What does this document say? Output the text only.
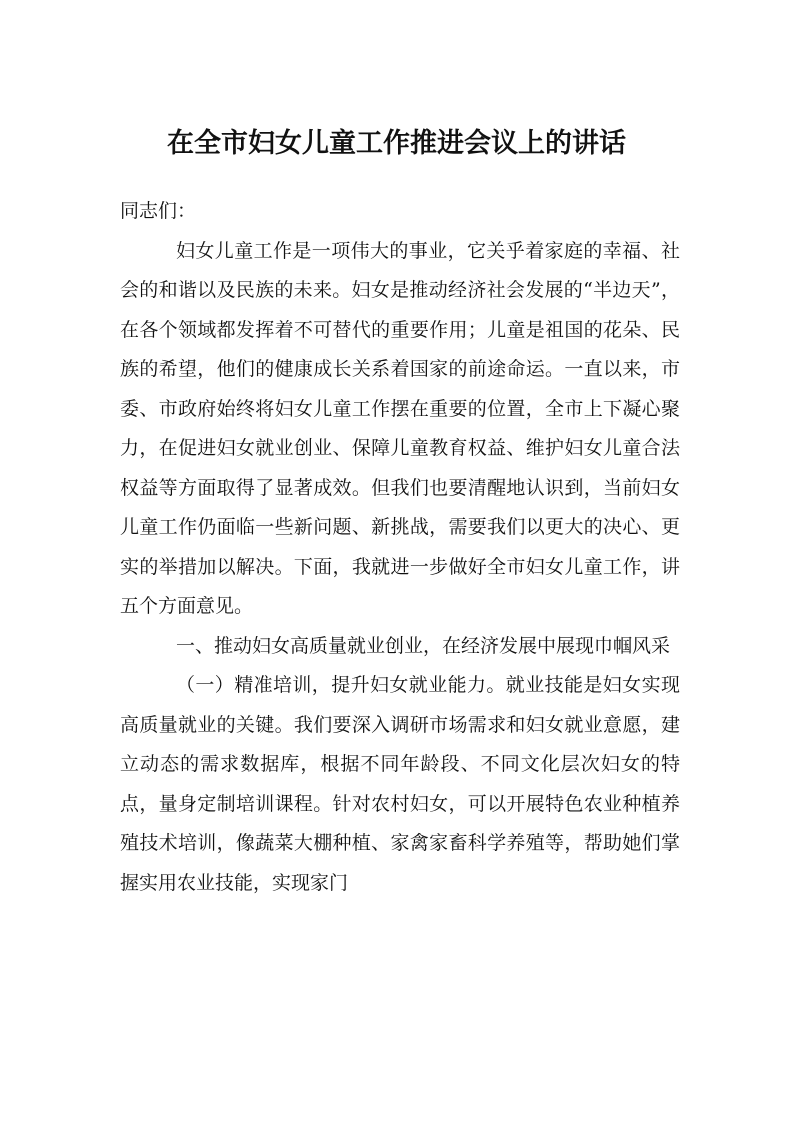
在全市妇女儿童工作推进会议上的讲话

同志们：

妇女儿童工作是一项伟大的事业，它关乎着家庭的幸福、社会的和谐以及民族的未来。妇女是推动经济社会发展的“半边天”，在各个领域都发挥着不可替代的重要作用；儿童是祖国的花朵、民族的希望，他们的健康成长关系着国家的前途命运。一直以来，市委、市政府始终将妇女儿童工作摆在重要的位置，全市上下凝心聚力，在促进妇女就业创业、保障儿童教育权益、维护妇女儿童合法权益等方面取得了显著成效。但我们也要清醒地认识到，当前妇女儿童工作仍面临一些新问题、新挑战，需要我们以更大的决心、更实的举措加以解决。下面，我就进一步做好全市妇女儿童工作，讲五个方面意见。

一、推动妇女高质量就业创业，在经济发展中展现巾帼风采

（一）精准培训，提升妇女就业能力。就业技能是妇女实现高质量就业的关键。我们要深入调研市场需求和妇女就业意愿，建立动态的需求数据库，根据不同年龄段、不同文化层次妇女的特点，量身定制培训课程。针对农村妇女，可以开展特色农业种植养殖技术培训，像蔬菜大棚种植、家禽家畜科学养殖等，帮助她们掌握实用农业技能，实现家门
